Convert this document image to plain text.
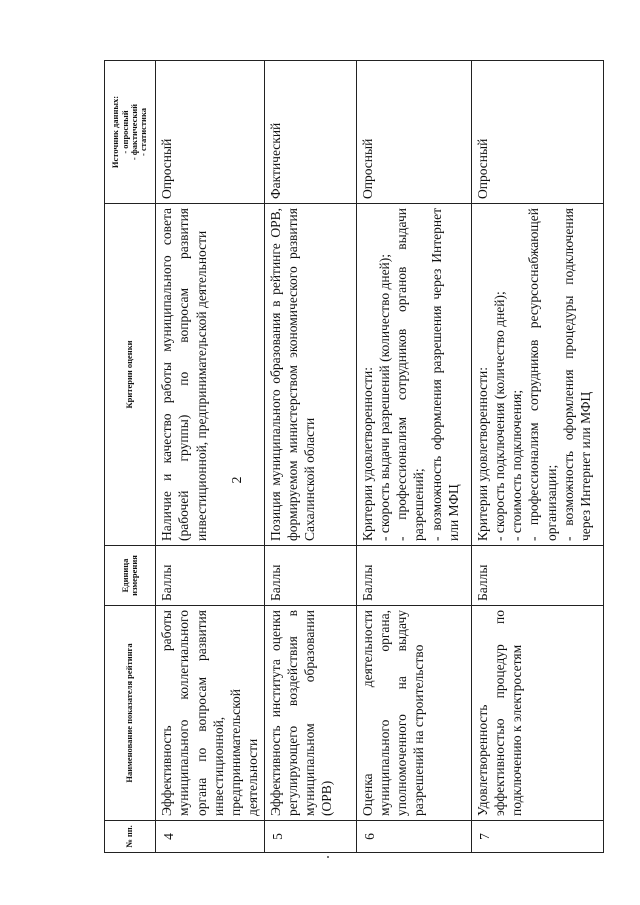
2
№ пп.	Наименование показателя рейтинга	Единица измерения	Критерии оценки	Источник данных: - опросный - фактический - статистика

4	Эффективность работы муниципального коллегиального органа по вопросам развития инвестиционной, предпринимательской деятельности	Баллы	Наличие и качество работы муниципального совета (рабочей группы) по вопросам развития инвестиционной, предпринимательской деятельности	Опросный
5	Эффективность института оценки регулирующего воздействия в муниципальном образовании (ОРВ)	Баллы	Позиция муниципального образования в рейтинге ОРВ, формируемом министерством экономического развития Сахалинской области	Фактический
6	Оценка деятельности муниципального органа, уполномоченного на выдачу разрешений на строительство	Баллы	Критерии удовлетворенности: - скорость выдачи разрешений (количество дней); - профессионализм сотрудников органов выдачи разрешений; - возможность оформления разрешения через Интернет или МФЦ	Опросный
7	Удовлетворенность эффективностью процедур по подключению к электросетям	Баллы	Критерии удовлетворенности: - скорость подключения (количество дней); - стоимость подключения; - профессионализм сотрудников ресурсоснабжающей организации; - возможность оформления процедуры подключения через Интернет или МФЦ	Опросный
